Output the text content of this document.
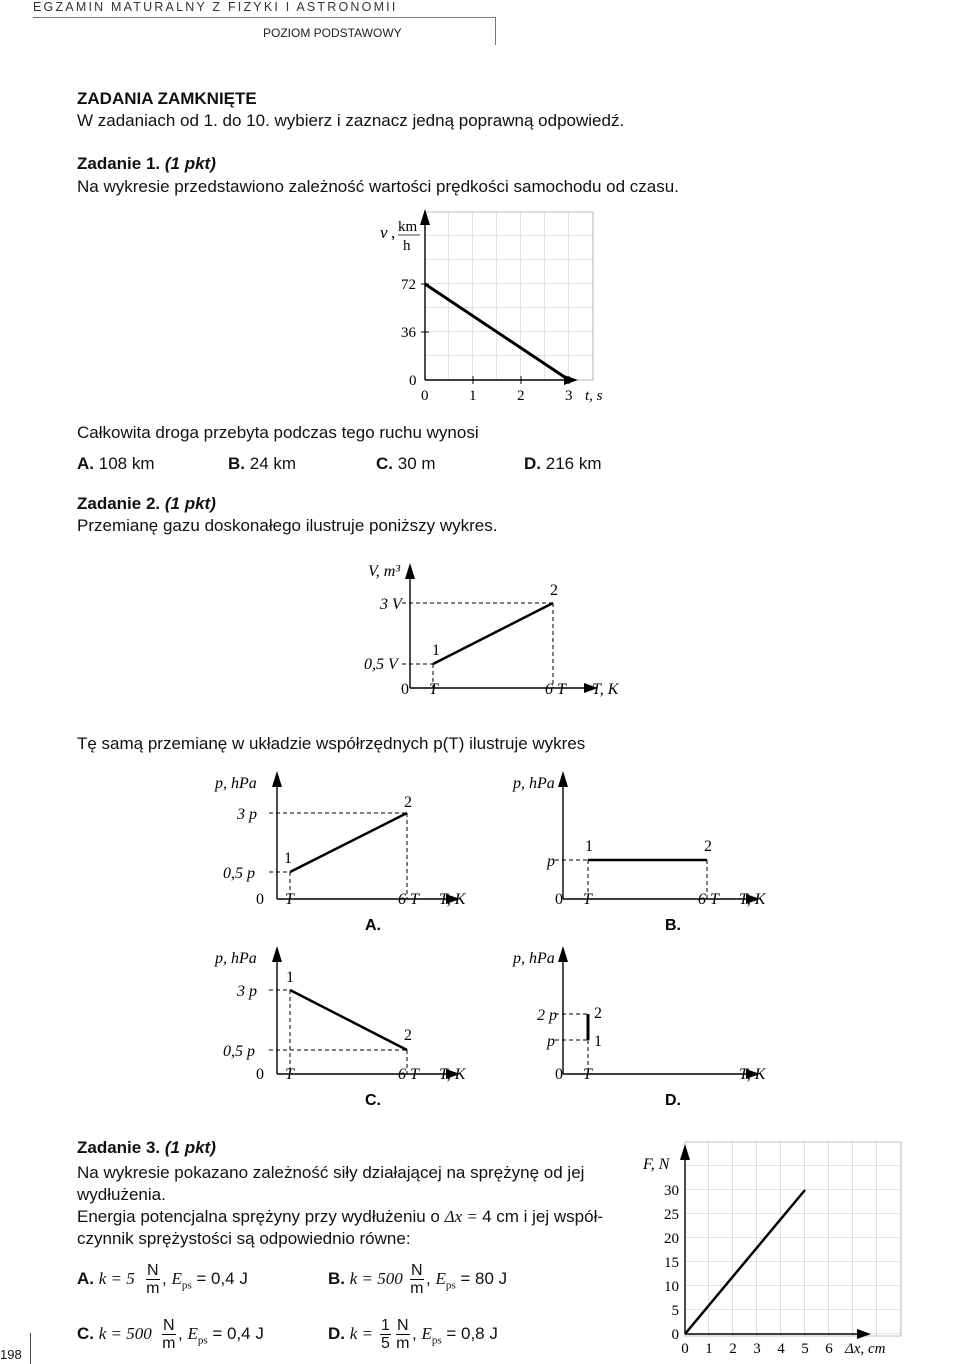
EGZAMIN MATURALNY Z FIZYKI I ASTRONOMII
POZIOM PODSTAWOWY
ZADANIA ZAMKNIĘTE
W zadaniach od 1. do 10. wybierz i zaznacz jedną poprawną odpowiedź.
Zadanie 1. (1 pkt)
Na wykresie przedstawiono zależność wartości prędkości samochodu od czasu.
v , km
h
72
36
0
0	1	2	3 t, s
Całkowita droga przebyta podczas tego ruchu wynosi
A. 108 km	B. 24 km	C. 30 m	D. 216 km
Zadanie 2. (1 pkt)
Przemianę gazu doskonałego ilustruje poniższy wykres.
V, m³
3 V
0,5 V
0 T	6 T T, K
1
2
Tę samą przemianę w układzie współrzędnych p(T) ilustruje wykres
p, hPa
3 p
0,5 p
0 T	6 T T, K
1
2
A.
p, hPa
p
0 T	6 T T, K
1	2
B.
p, hPa
3 p
0,5 p
0 T	6 T T, K
1
2
C.
p, hPa
2 p
p
0 T	T, K
1
2
D.
Zadanie 3. (1 pkt)
Na wykresie pokazano zależność siły działającej na sprężynę od jej
wydłużenia.
Energia potencjalna sprężyny przy wydłużeniu o Δx = 4 cm i jej współ-
czynnik sprężystości są odpowiednio równe:
A. k = 5 N
m
, $E_{ps} = 0,4$ J	B. k = 500 N
m
, $E_{ps} = 80$ J
C. k = 500 N
m
, $E_{ps} = 0,4$ J	D. k = 1
5
N
m
, $E_{ps} = 0,8$ J
F, N
30
25
20
15
10
5
0
0 1 2 3 4 5 6 Δx, cm
198
